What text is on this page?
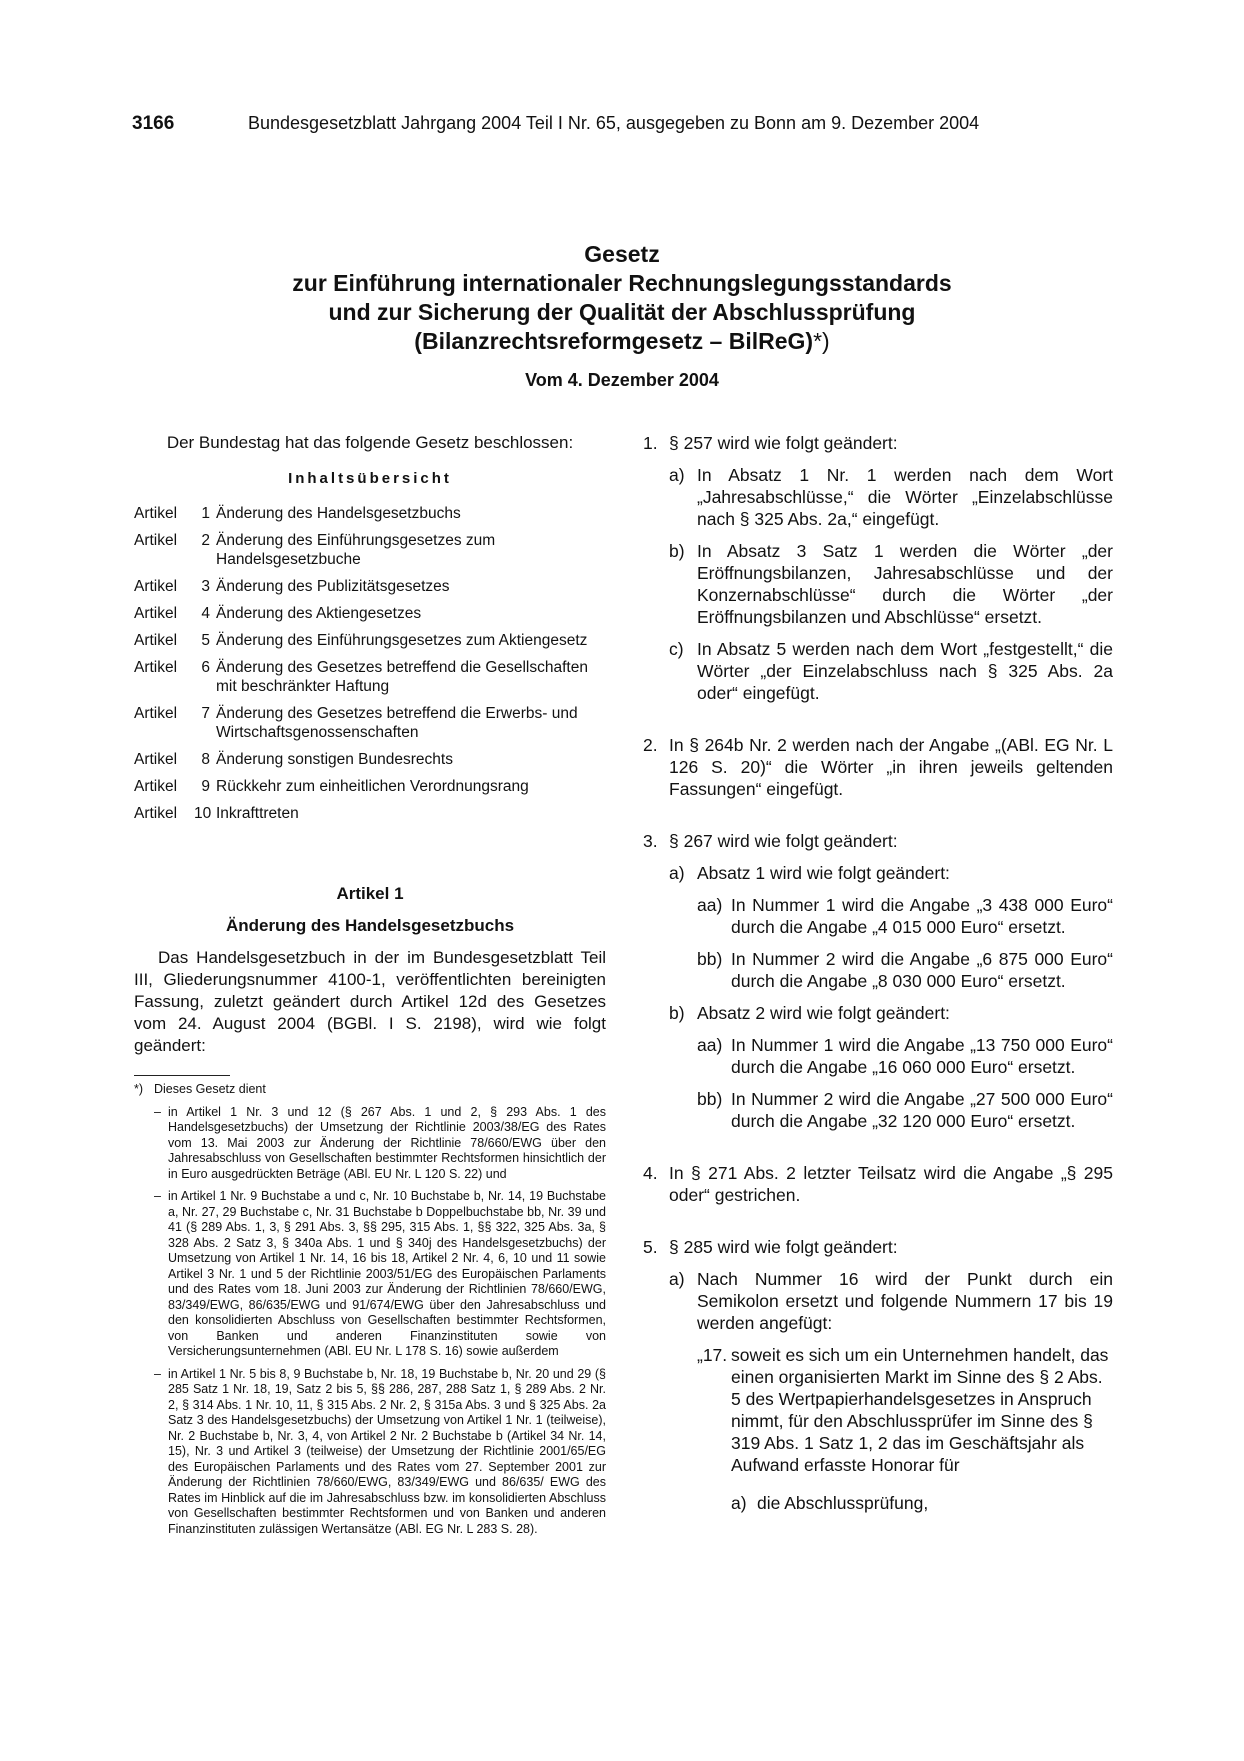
3166	Bundesgesetzblatt Jahrgang 2004 Teil I Nr. 65, ausgegeben zu Bonn am 9. Dezember 2004
Gesetz
zur Einführung internationaler Rechnungslegungsstandards
und zur Sicherung der Qualität der Abschlussprüfung
(Bilanzrechtsreformgesetz – BilReG)*)
Vom 4. Dezember 2004
Der Bundestag hat das folgende Gesetz beschlossen:
Inhaltsübersicht
Artikel	1 Änderung des Handelsgesetzbuchs
Artikel	2 Änderung des Einführungsgesetzes zum Handelsgesetzbuche
Artikel	3 Änderung des Publizitätsgesetzes
Artikel	4 Änderung des Aktiengesetzes
Artikel	5 Änderung des Einführungsgesetzes zum Aktiengesetz
Artikel	6 Änderung des Gesetzes betreffend die Gesellschaften mit beschränkter Haftung
Artikel	7 Änderung des Gesetzes betreffend die Erwerbs- und Wirtschaftsgenossenschaften
Artikel	8 Änderung sonstigen Bundesrechts
Artikel	9 Rückkehr zum einheitlichen Verordnungsrang
Artikel	10 Inkrafttreten
Artikel 1
Änderung des Handelsgesetzbuchs
Das Handelsgesetzbuch in der im Bundesgesetzblatt Teil III, Gliederungsnummer 4100-1, veröffentlichten bereinigten Fassung, zuletzt geändert durch Artikel 12d des Gesetzes vom 24. August 2004 (BGBl. I S. 2198), wird wie folgt geändert:
*) Dieses Gesetz dient
– in Artikel 1 Nr. 3 und 12 (§ 267 Abs. 1 und 2, § 293 Abs. 1 des Handelsgesetzbuchs) der Umsetzung der Richtlinie 2003/38/EG des Rates vom 13. Mai 2003 zur Änderung der Richtlinie 78/660/EWG über den Jahresabschluss von Gesellschaften bestimmter Rechtsformen hinsichtlich der in Euro ausgedrückten Beträge (ABl. EU Nr. L 120 S. 22) und
– in Artikel 1 Nr. 9 Buchstabe a und c, Nr. 10 Buchstabe b, Nr. 14, 19 Buchstabe a, Nr. 27, 29 Buchstabe c, Nr. 31 Buchstabe b Doppelbuchstabe bb, Nr. 39 und 41 (§ 289 Abs. 1, 3, § 291 Abs. 3, §§ 295, 315 Abs. 1, §§ 322, 325 Abs. 3a, § 328 Abs. 2 Satz 3, § 340a Abs. 1 und § 340j des Handelsgesetzbuchs) der Umsetzung von Artikel 1 Nr. 14, 16 bis 18, Artikel 2 Nr. 4, 6, 10 und 11 sowie Artikel 3 Nr. 1 und 5 der Richtlinie 2003/51/EG des Europäischen Parlaments und des Rates vom 18. Juni 2003 zur Änderung der Richtlinien 78/660/EWG, 83/349/EWG, 86/635/EWG und 91/674/EWG über den Jahresabschluss und den konsolidierten Abschluss von Gesellschaften bestimmter Rechtsformen, von Banken und anderen Finanzinstituten sowie von Versicherungsunternehmen (ABl. EU Nr. L 178 S. 16) sowie außerdem
– in Artikel 1 Nr. 5 bis 8, 9 Buchstabe b, Nr. 18, 19 Buchstabe b, Nr. 20 und 29 (§ 285 Satz 1 Nr. 18, 19, Satz 2 bis 5, §§ 286, 287, 288 Satz 1, § 289 Abs. 2 Nr. 2, § 314 Abs. 1 Nr. 10, 11, § 315 Abs. 2 Nr. 2, § 315a Abs. 3 und § 325 Abs. 2a Satz 3 des Handelsgesetzbuchs) der Umsetzung von Artikel 1 Nr. 1 (teilweise), Nr. 2 Buchstabe b, Nr. 3, 4, von Artikel 2 Nr. 2 Buchstabe b (Artikel 34 Nr. 14, 15), Nr. 3 und Artikel 3 (teilweise) der Umsetzung der Richtlinie 2001/65/EG des Europäischen Parlaments und des Rates vom 27. September 2001 zur Änderung der Richtlinien 78/660/EWG, 83/349/EWG und 86/635/ EWG des Rates im Hinblick auf die im Jahresabschluss bzw. im konsolidierten Abschluss von Gesellschaften bestimmter Rechtsformen und von Banken und anderen Finanzinstituten zulässigen Wertansätze (ABl. EG Nr. L 283 S. 28).
1. § 257 wird wie folgt geändert:
a) In Absatz 1 Nr. 1 werden nach dem Wort „Jahresabschlüsse,“ die Wörter „Einzelabschlüsse nach § 325 Abs. 2a,“ eingefügt.
b) In Absatz 3 Satz 1 werden die Wörter „der Eröffnungsbilanzen, Jahresabschlüsse und der Konzernabschlüsse“ durch die Wörter „der Eröffnungsbilanzen und Abschlüsse“ ersetzt.
c) In Absatz 5 werden nach dem Wort „festgestellt,“ die Wörter „der Einzelabschluss nach § 325 Abs. 2a oder“ eingefügt.
2. In § 264b Nr. 2 werden nach der Angabe „(ABl. EG Nr. L 126 S. 20)“ die Wörter „in ihren jeweils geltenden Fassungen“ eingefügt.
3. § 267 wird wie folgt geändert:
a) Absatz 1 wird wie folgt geändert:
aa) In Nummer 1 wird die Angabe „3 438 000 Euro“ durch die Angabe „4 015 000 Euro“ ersetzt.
bb) In Nummer 2 wird die Angabe „6 875 000 Euro“ durch die Angabe „8 030 000 Euro“ ersetzt.
b) Absatz 2 wird wie folgt geändert:
aa) In Nummer 1 wird die Angabe „13 750 000 Euro“ durch die Angabe „16 060 000 Euro“ ersetzt.
bb) In Nummer 2 wird die Angabe „27 500 000 Euro“ durch die Angabe „32 120 000 Euro“ ersetzt.
4. In § 271 Abs. 2 letzter Teilsatz wird die Angabe „§ 295 oder“ gestrichen.
5. § 285 wird wie folgt geändert:
a) Nach Nummer 16 wird der Punkt durch ein Semikolon ersetzt und folgende Nummern 17 bis 19 werden angefügt:
„17. soweit es sich um ein Unternehmen handelt, das einen organisierten Markt im Sinne des § 2 Abs. 5 des Wertpapierhandelsgesetzes in Anspruch nimmt, für den Abschlussprüfer im Sinne des § 319 Abs. 1 Satz 1, 2 das im Geschäftsjahr als Aufwand erfasste Honorar für
a) die Abschlussprüfung,
